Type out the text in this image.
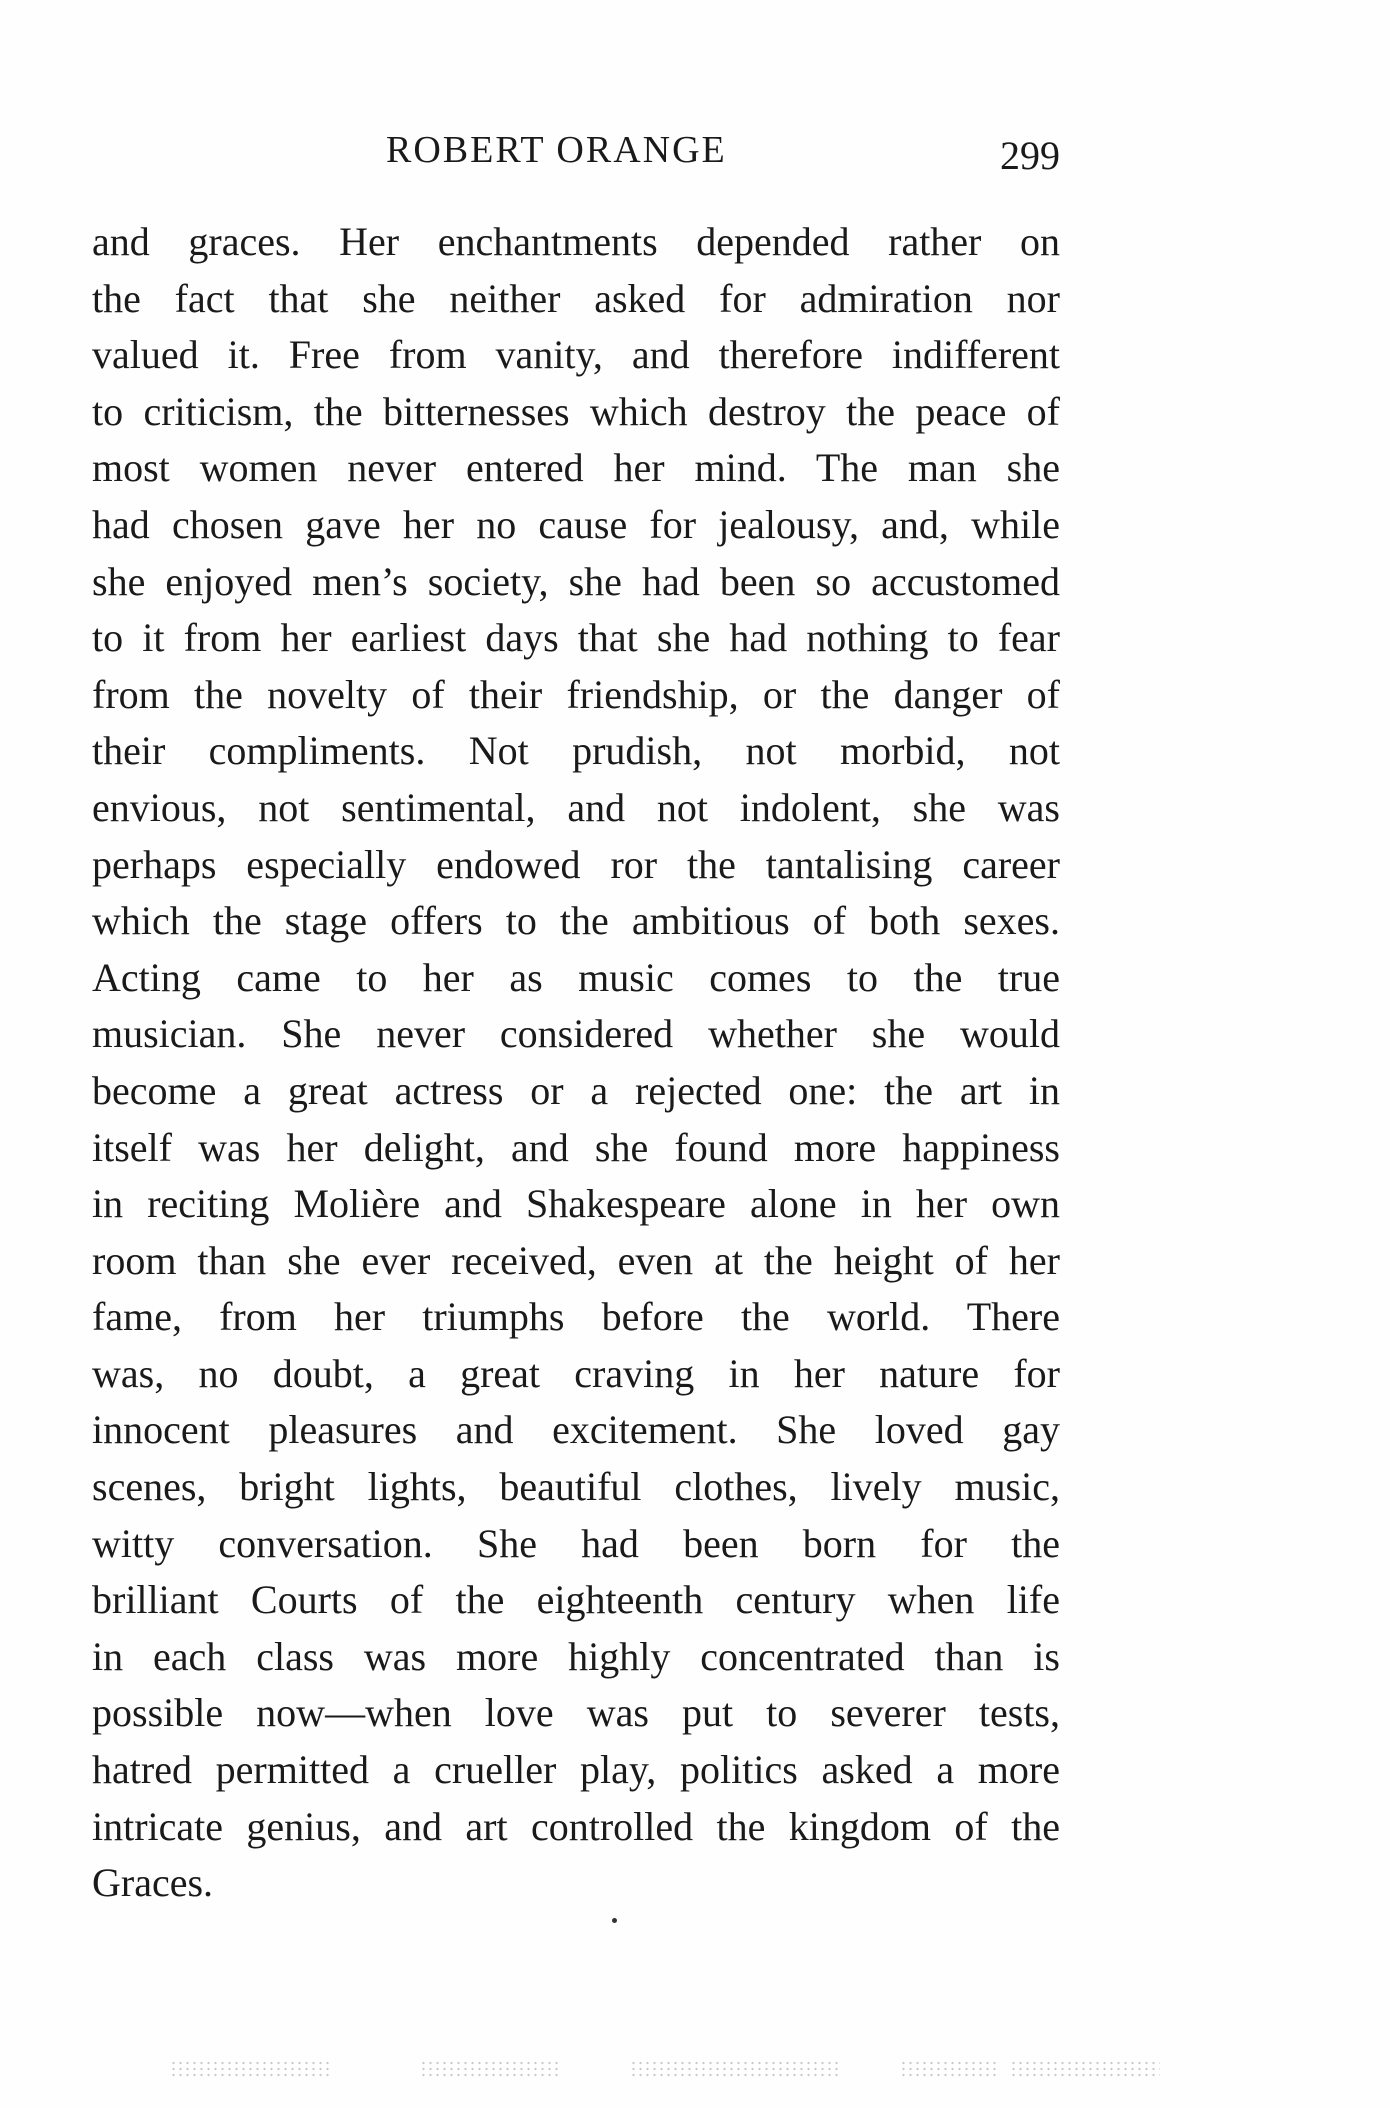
ROBERT ORANGE	299
and graces. Her enchantments depended rather on
the fact that she neither asked for admiration nor
valued it. Free from vanity, and therefore indifferent
to criticism, the bitternesses which destroy the peace of
most women never entered her mind. The man she
had chosen gave her no cause for jealousy, and, while
she enjoyed men’s society, she had been so accustomed
to it from her earliest days that she had nothing to fear
from the novelty of their friendship, or the danger of
their compliments. Not prudish, not morbid, not
envious, not sentimental, and not indolent, she was
perhaps especially endowed ror the tantalising career
which the stage offers to the ambitious of both sexes.
Acting came to her as music comes to the true
musician. She never considered whether she would
become a great actress or a rejected one: the art in
itself was her delight, and she found more happiness
in reciting Molière and Shakespeare alone in her own
room than she ever received, even at the height of her
fame, from her triumphs before the world. There
was, no doubt, a great craving in her nature for
innocent pleasures and excitement. She loved gay
scenes, bright lights, beautiful clothes, lively music,
witty conversation. She had been born for the
brilliant Courts of the eighteenth century when life
in each class was more highly concentrated than is
possible now—when love was put to severer tests,
hatred permitted a crueller play, politics asked a more
intricate genius, and art controlled the kingdom of the
Graces.
